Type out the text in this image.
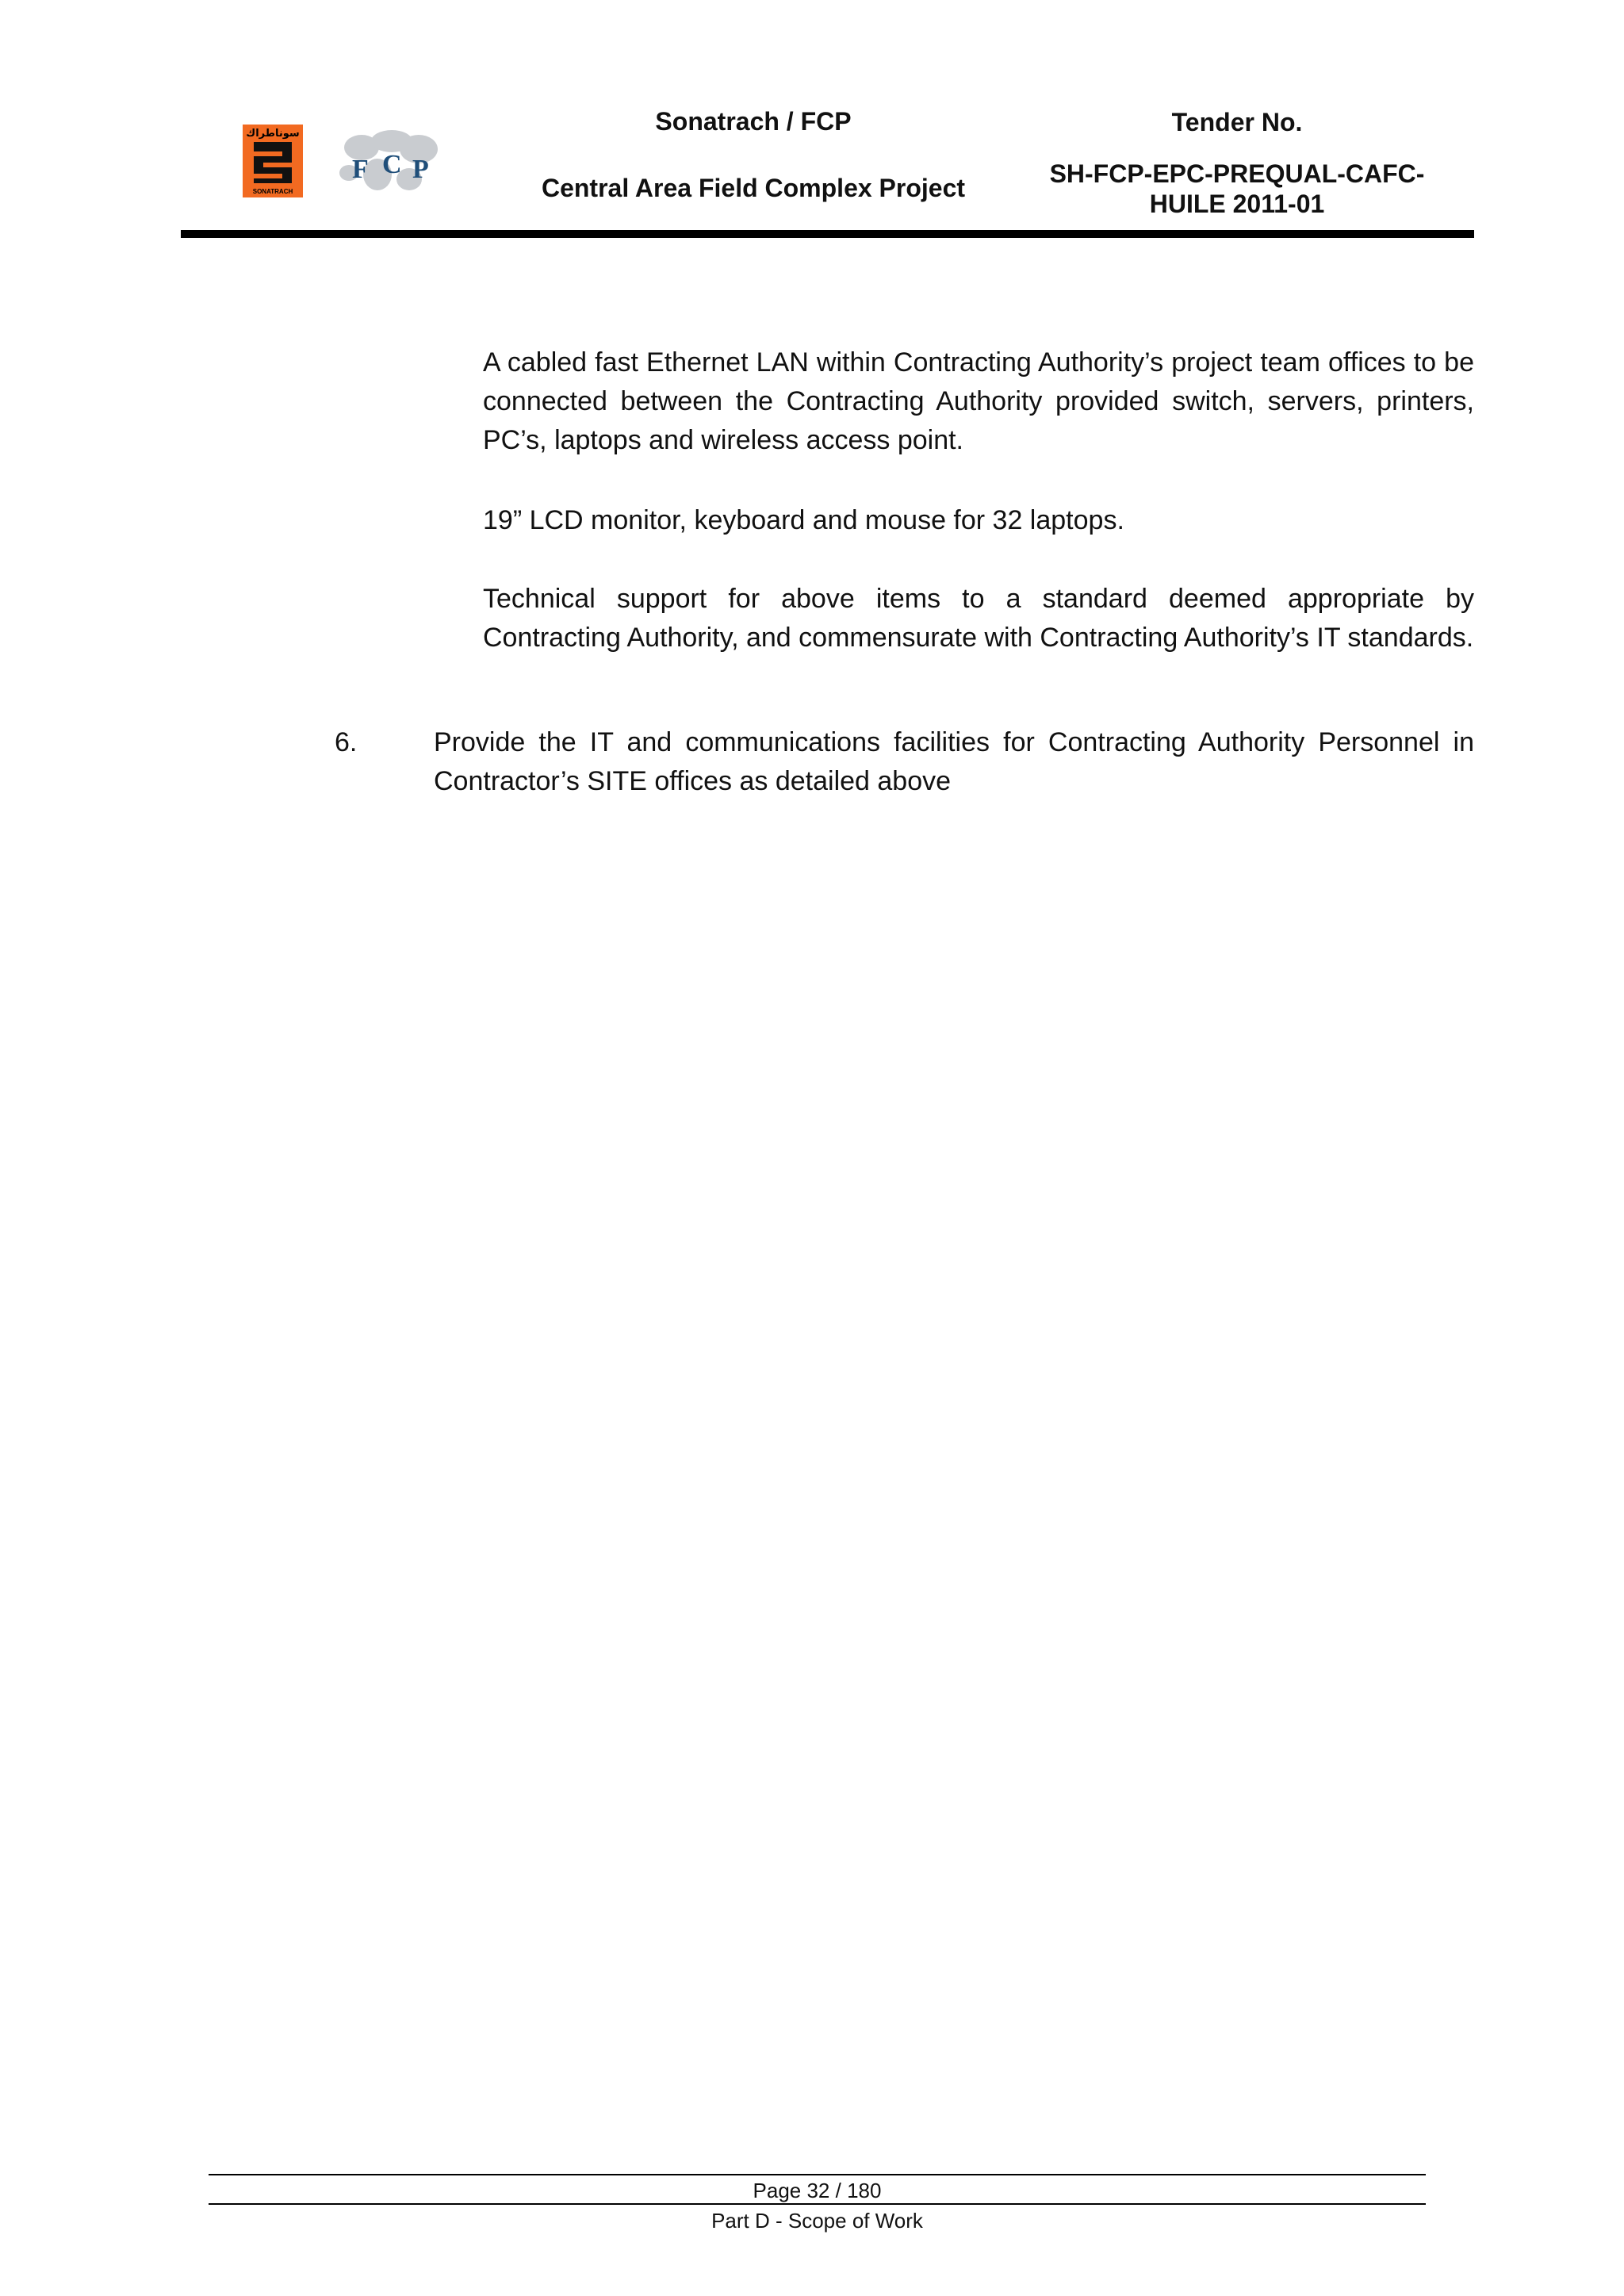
سوناطراك
SONATRACH
F C P
Sonatrach / FCP
Central Area Field Complex Project
Tender No.
SH-FCP-EPC-PREQUAL-CAFC-
HUILE 2011-01
A cabled fast Ethernet LAN within Contracting Authority’s project team offices to be connected between the Contracting Authority provided switch, servers, printers, PC’s, laptops and wireless access point.
19” LCD monitor, keyboard and mouse for 32 laptops.
Technical support for above items to a standard deemed appropriate by Contracting Authority, and commensurate with Contracting Authority’s IT standards.
6.	Provide the IT and communications facilities for Contracting Authority Personnel in Contractor’s SITE offices as detailed above
Page 32 / 180
Part D - Scope of Work
